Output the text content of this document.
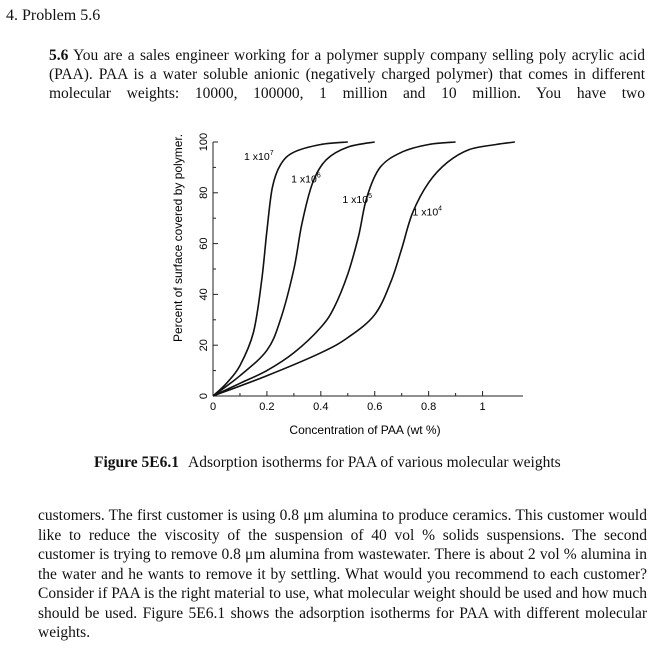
4. Problem 5.6
5.6 You are a sales engineer working for a polymer supply company selling poly acrylic acid (PAA). PAA is a water soluble anionic (negatively charged polymer) that comes in different molecular weights: 10000, 100000, 1 million and 10 million. You have two
0	0.2	0.4	0.6	0.8	1
0
20
40
60
80
100
1 $x10^7$
1 $x10^6$
1 $x10^5$
1 $x10^4$
Concentration of PAA (wt %)
Percent of surface covered by polymer.
Figure 5E6.1 Adsorption isotherms for PAA of various molecular weights
customers. The first customer is using 0.8 μm alumina to produce ceramics. This customer would like to reduce the viscosity of the suspension of 40 vol % solids suspensions. The second customer is trying to remove 0.8 μm alumina from wastewater. There is about 2 vol % alumina in the water and he wants to remove it by settling. What would you recommend to each customer? Consider if PAA is the right material to use, what molecular weight should be used and how much should be used. Figure 5E6.1 shows the adsorption isotherms for PAA with different molecular weights.
